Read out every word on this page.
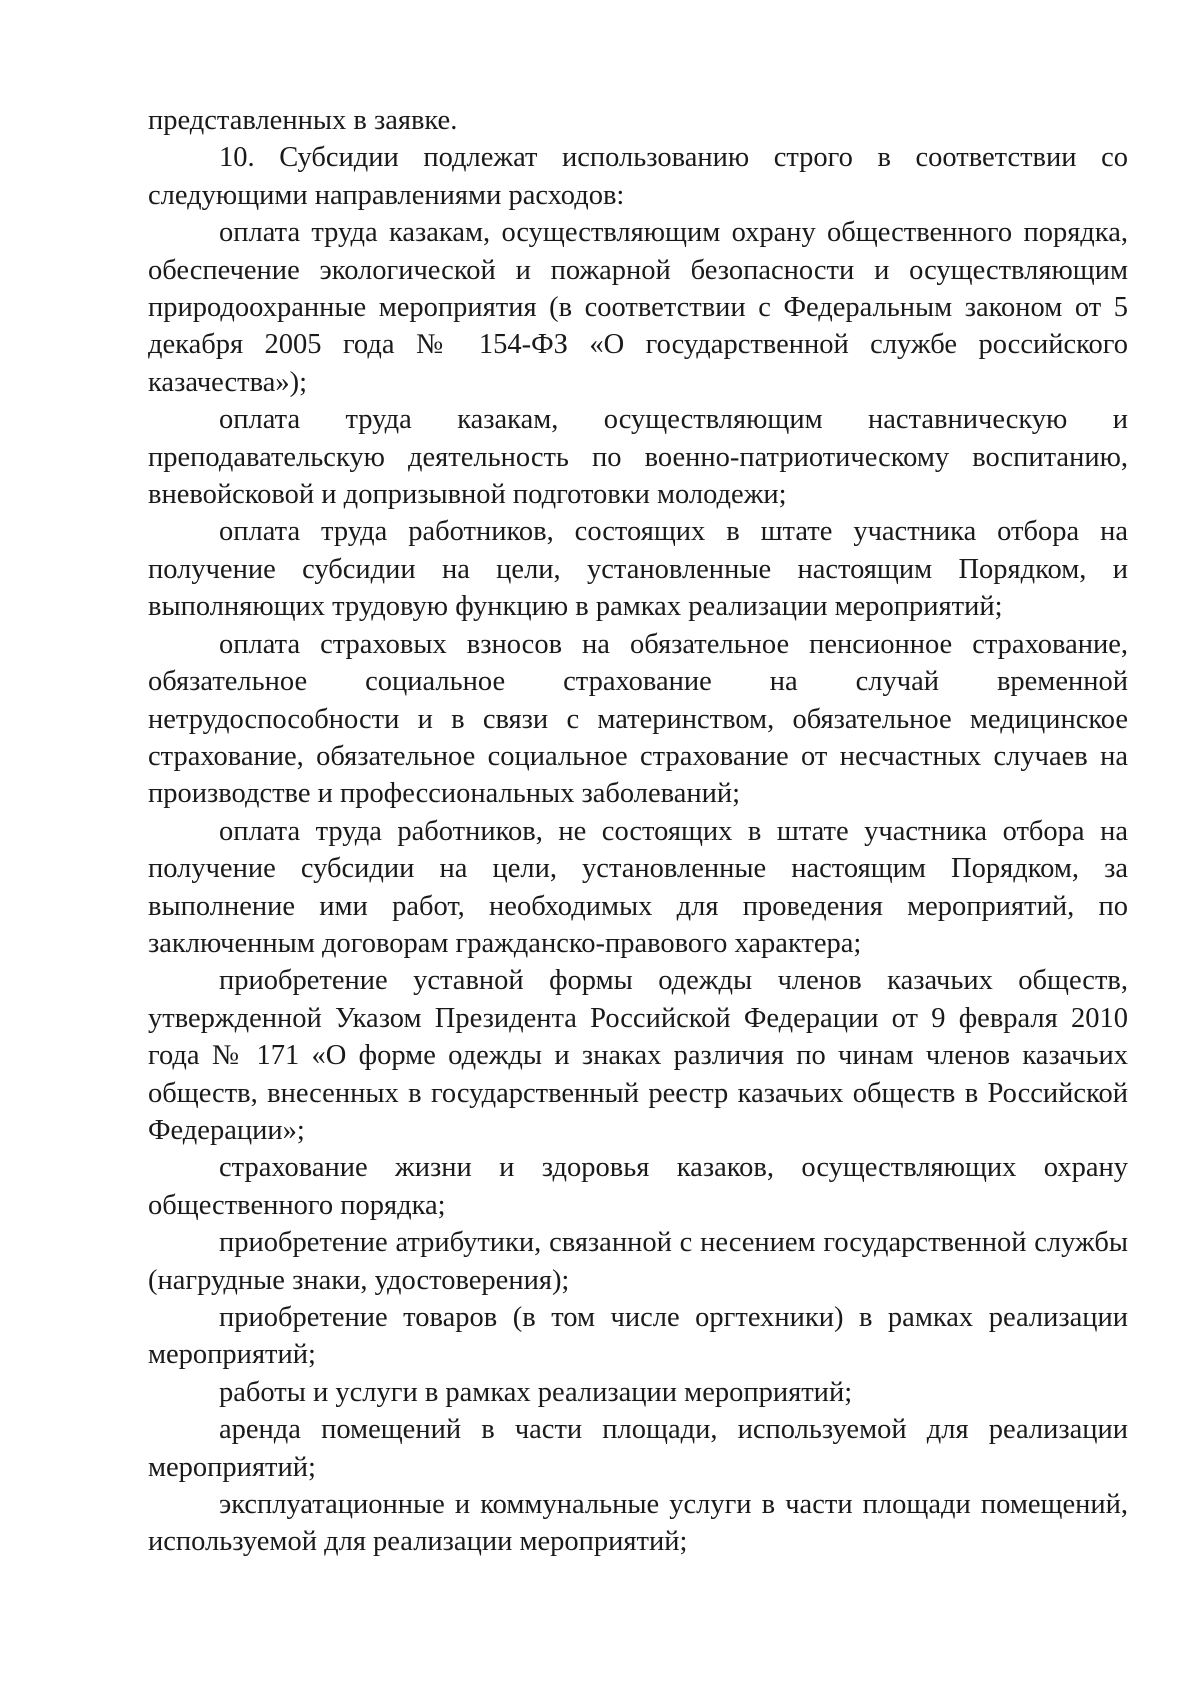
представленных в заявке.

10. Субсидии подлежат использованию строго в соответствии со следующими направлениями расходов:

оплата труда казакам, осуществляющим охрану общественного порядка, обеспечение экологической и пожарной безопасности и осуществляющим природоохранные мероприятия (в соответствии с Федеральным законом от 5 декабря 2005 года № 154-ФЗ «О государственной службе российского казачества»);

оплата труда казакам, осуществляющим наставническую и преподавательскую деятельность по военно-патриотическому воспитанию, вневойсковой и допризывной подготовки молодежи;

оплата труда работников, состоящих в штате участника отбора на получение субсидии на цели, установленные настоящим Порядком, и выполняющих трудовую функцию в рамках реализации мероприятий;

оплата страховых взносов на обязательное пенсионное страхование, обязательное социальное страхование на случай временной нетрудоспособности и в связи с материнством, обязательное медицинское страхование, обязательное социальное страхование от несчастных случаев на производстве и профессиональных заболеваний;

оплата труда работников, не состоящих в штате участника отбора на получение субсидии на цели, установленные настоящим Порядком, за выполнение ими работ, необходимых для проведения мероприятий, по заключенным договорам гражданско-правового характера;

приобретение уставной формы одежды членов казачьих обществ, утвержденной Указом Президента Российской Федерации от 9 февраля 2010 года № 171 «О форме одежды и знаках различия по чинам членов казачьих обществ, внесенных в государственный реестр казачьих обществ в Российской Федерации»;

страхование жизни и здоровья казаков, осуществляющих охрану общественного порядка;

приобретение атрибутики, связанной с несением государственной службы (нагрудные знаки, удостоверения);

приобретение товаров (в том числе оргтехники) в рамках реализации мероприятий;

работы и услуги в рамках реализации мероприятий;

аренда помещений в части площади, используемой для реализации мероприятий;

эксплуатационные и коммунальные услуги в части площади помещений, используемой для реализации мероприятий;
